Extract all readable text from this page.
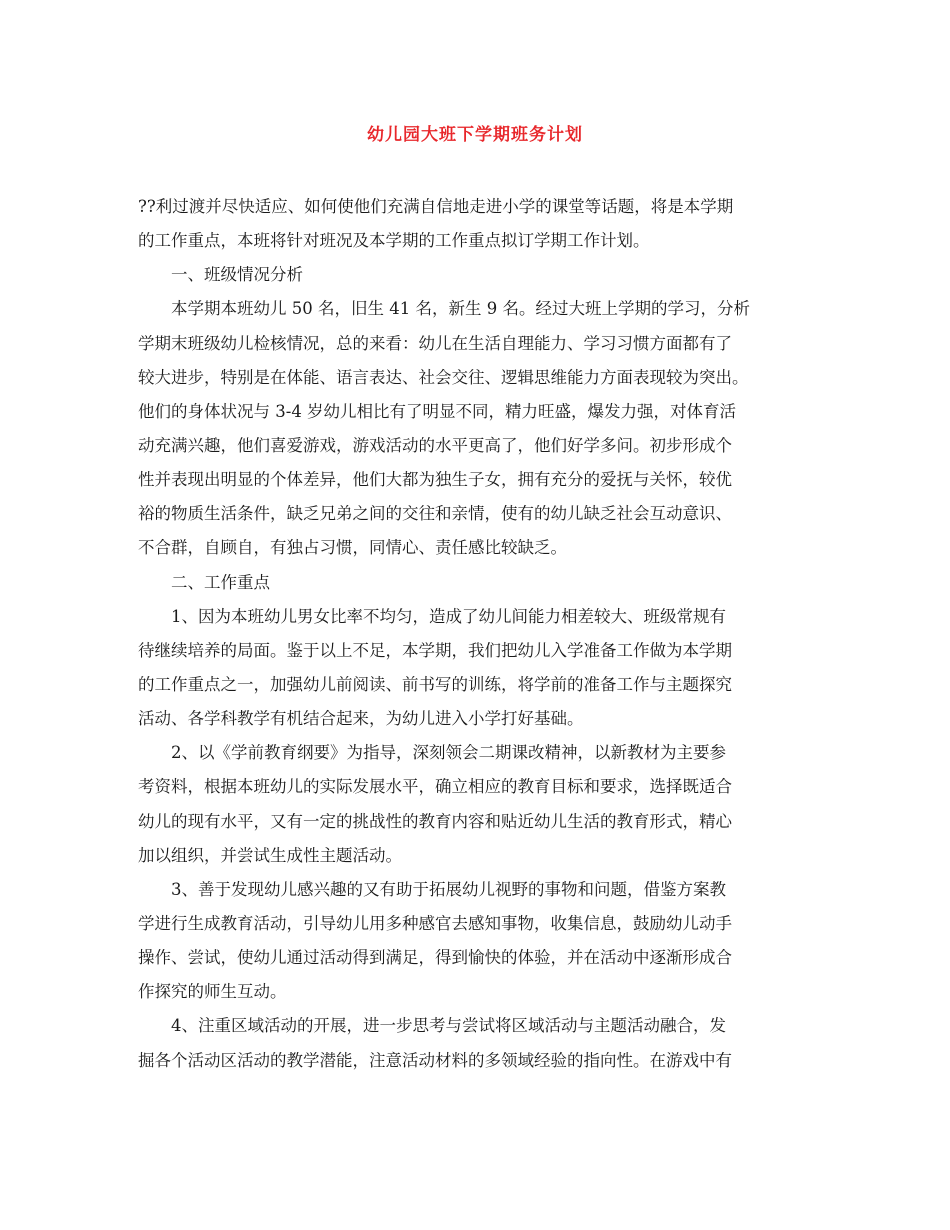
幼儿园大班下学期班务计划
??利过渡并尽快适应、如何使他们充满自信地走进小学的课堂等话题，将是本学期
的工作重点，本班将针对班况及本学期的工作重点拟订学期工作计划。
一、班级情况分析
本学期本班幼儿 50 名，旧生 41 名，新生 9 名。经过大班上学期的学习，分析
学期末班级幼儿检核情况，总的来看：幼儿在生活自理能力、学习习惯方面都有了
较大进步，特别是在体能、语言表达、社会交往、逻辑思维能力方面表现较为突出。
他们的身体状况与 3-4 岁幼儿相比有了明显不同，精力旺盛，爆发力强，对体育活
动充满兴趣，他们喜爱游戏，游戏活动的水平更高了，他们好学多问。初步形成个
性并表现出明显的个体差异，他们大都为独生子女，拥有充分的爱抚与关怀，较优
裕的物质生活条件，缺乏兄弟之间的交往和亲情，使有的幼儿缺乏社会互动意识、
不合群，自顾自，有独占习惯，同情心、责任感比较缺乏。
二、工作重点
1、因为本班幼儿男女比率不均匀，造成了幼儿间能力相差较大、班级常规有
待继续培养的局面。鉴于以上不足，本学期，我们把幼儿入学准备工作做为本学期
的工作重点之一，加强幼儿前阅读、前书写的训练，将学前的准备工作与主题探究
活动、各学科教学有机结合起来，为幼儿进入小学打好基础。
2、以《学前教育纲要》为指导，深刻领会二期课改精神，以新教材为主要参
考资料，根据本班幼儿的实际发展水平，确立相应的教育目标和要求，选择既适合
幼儿的现有水平，又有一定的挑战性的教育内容和贴近幼儿生活的教育形式，精心
加以组织，并尝试生成性主题活动。
3、善于发现幼儿感兴趣的又有助于拓展幼儿视野的事物和问题，借鉴方案教
学进行生成教育活动，引导幼儿用多种感官去感知事物，收集信息，鼓励幼儿动手
操作、尝试，使幼儿通过活动得到满足，得到愉快的体验，并在活动中逐渐形成合
作探究的师生互动。
4、注重区域活动的开展，进一步思考与尝试将区域活动与主题活动融合，发
掘各个活动区活动的教学潜能，注意活动材料的多领域经验的指向性。在游戏中有
